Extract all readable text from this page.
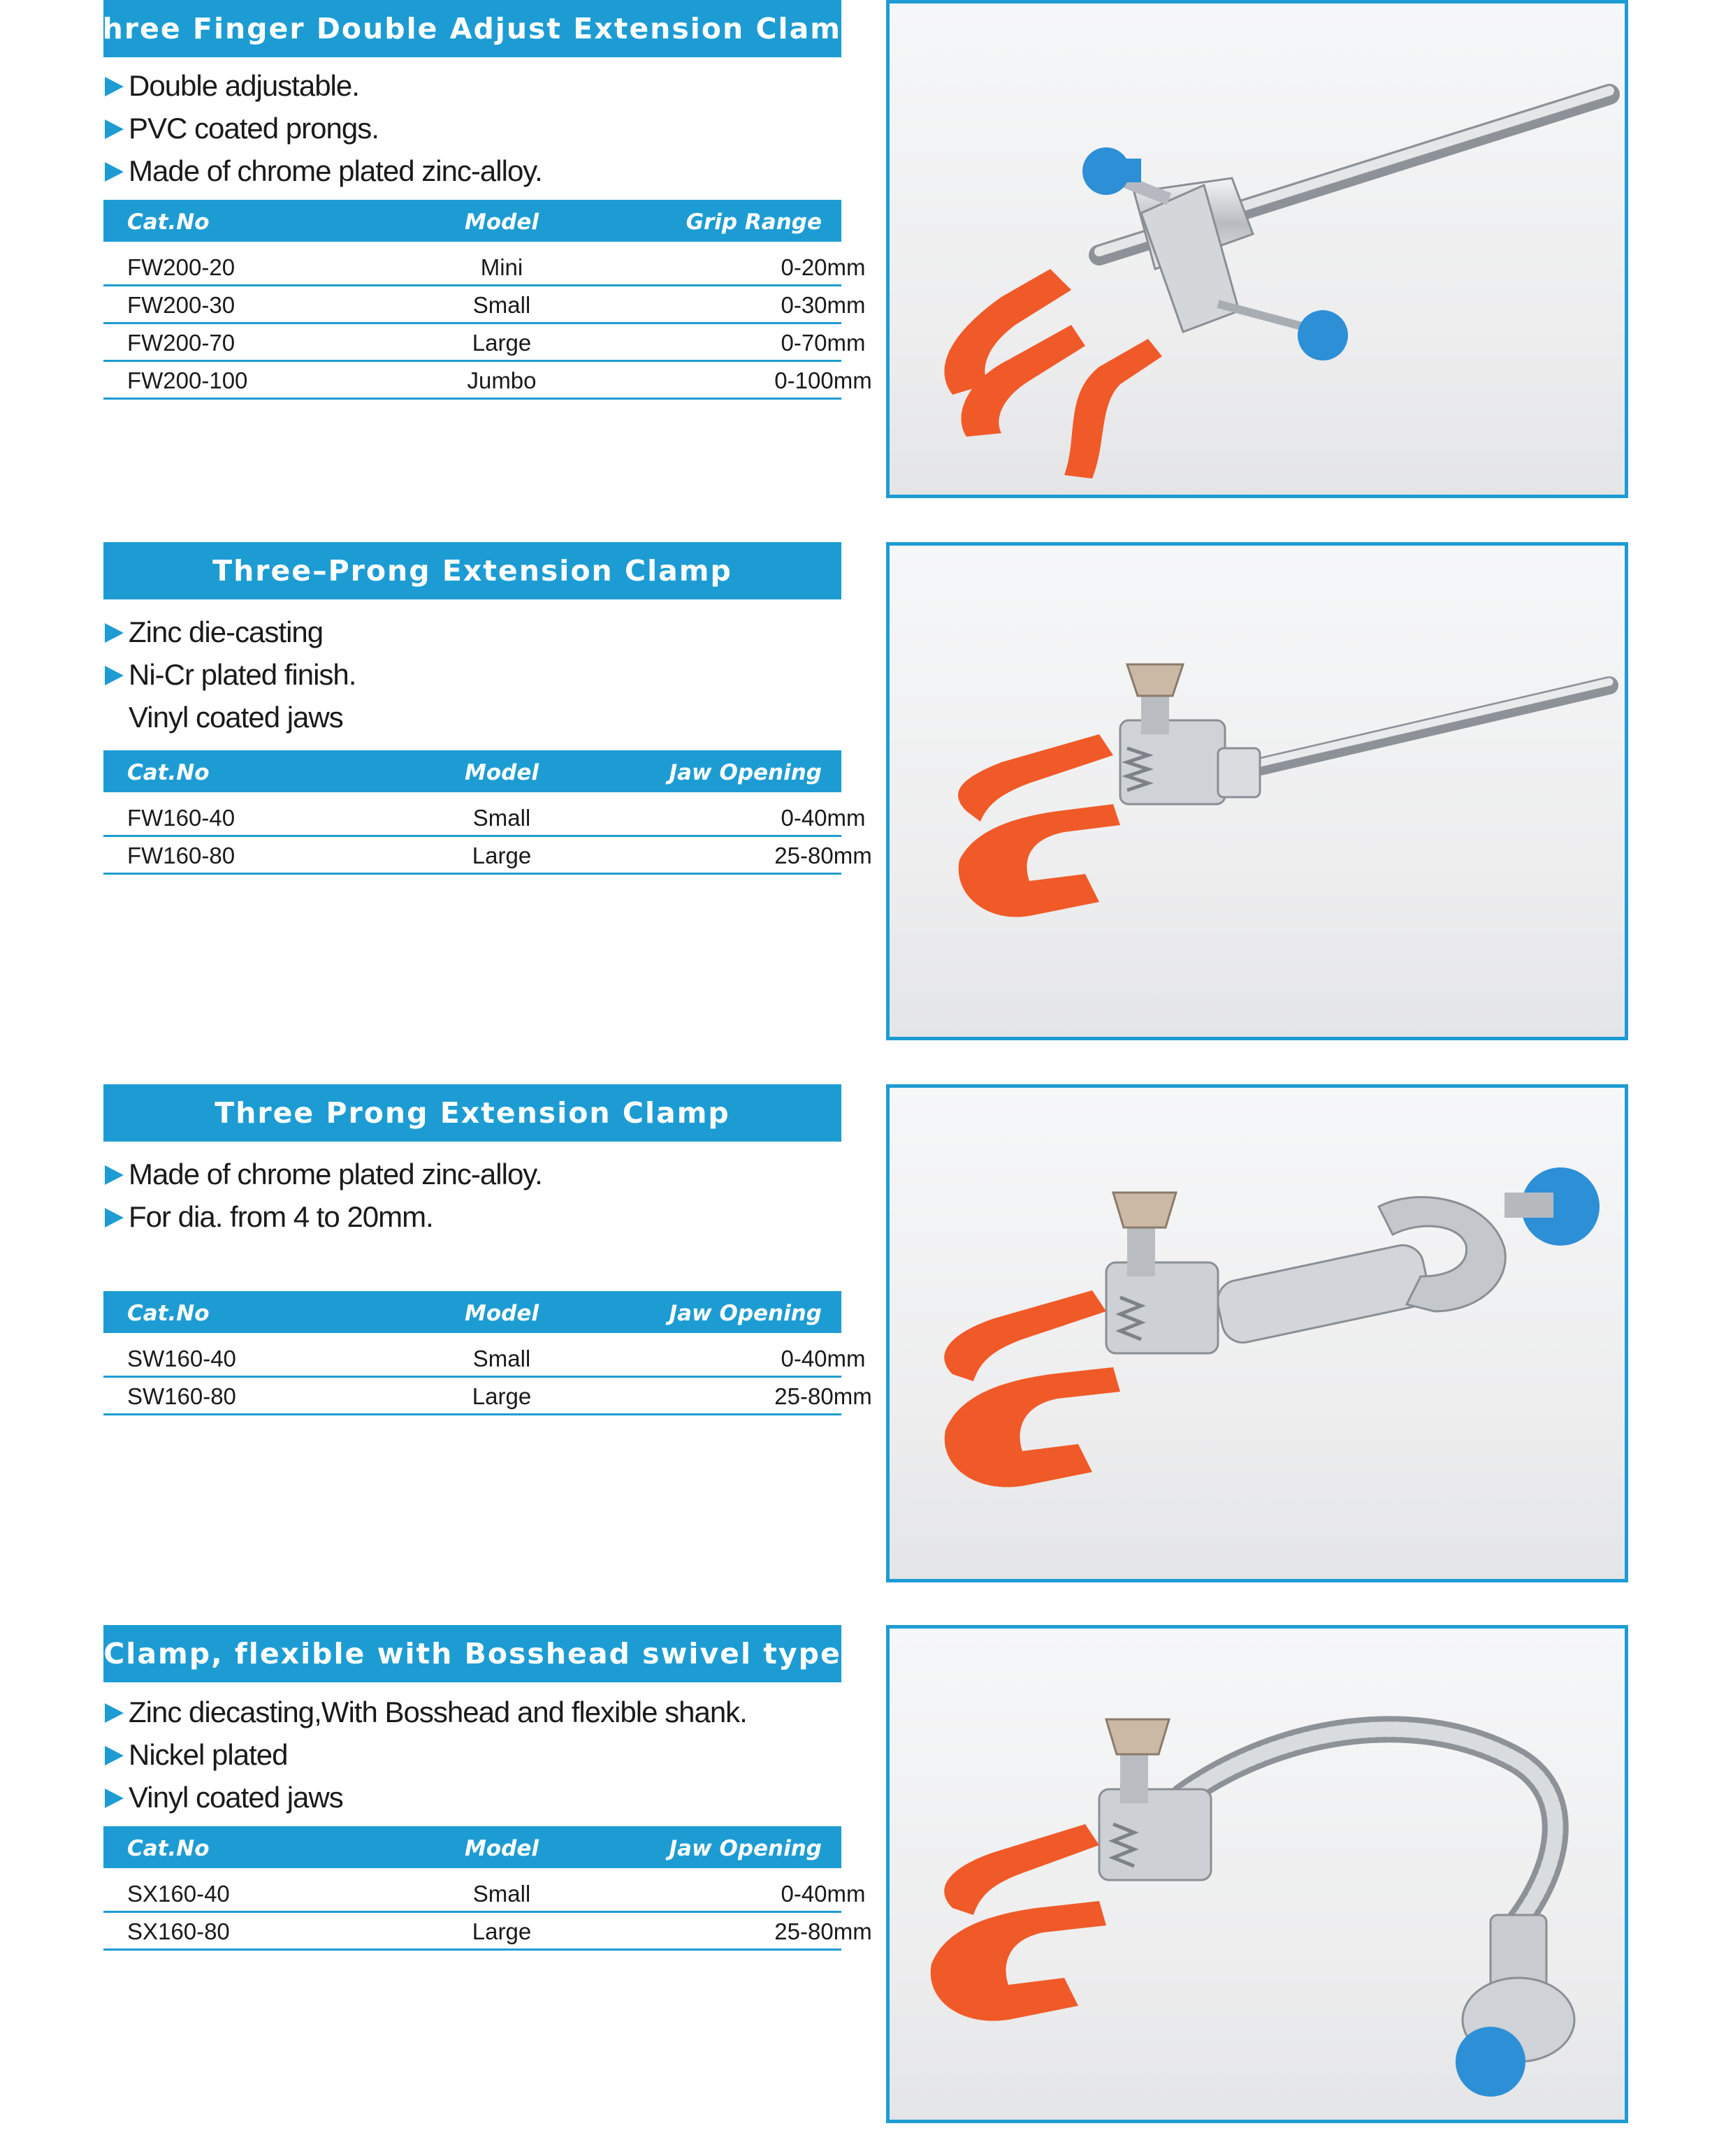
Three Finger Double Adjust Extension Clamp
Double adjustable.
PVC coated prongs.
Made of chrome plated zinc-alloy.
Cat.No	Model	Grip Range
FW200-20	Mini	0-20mm
FW200-30	Small	0-30mm
FW200-70	Large	0-70mm
FW200-100	Jumbo	0-100mm
Three–Prong Extension Clamp
Zinc die-casting
Ni-Cr plated finish.
Vinyl coated jaws
Cat.No	Model	Jaw Opening
FW160-40	Small	0-40mm
FW160-80	Large	25-80mm
Three Prong Extension Clamp
Made of chrome plated zinc-alloy.
For dia. from 4 to 20mm.
Cat.No	Model	Jaw Opening
SW160-40	Small	0-40mm
SW160-80	Large	25-80mm
Clamp, flexible with Bosshead swivel type
Zinc diecasting,With Bosshead and flexible shank.
Nickel plated
Vinyl coated jaws
Cat.No	Model	Jaw Opening
SX160-40	Small	0-40mm
SX160-80	Large	25-80mm
